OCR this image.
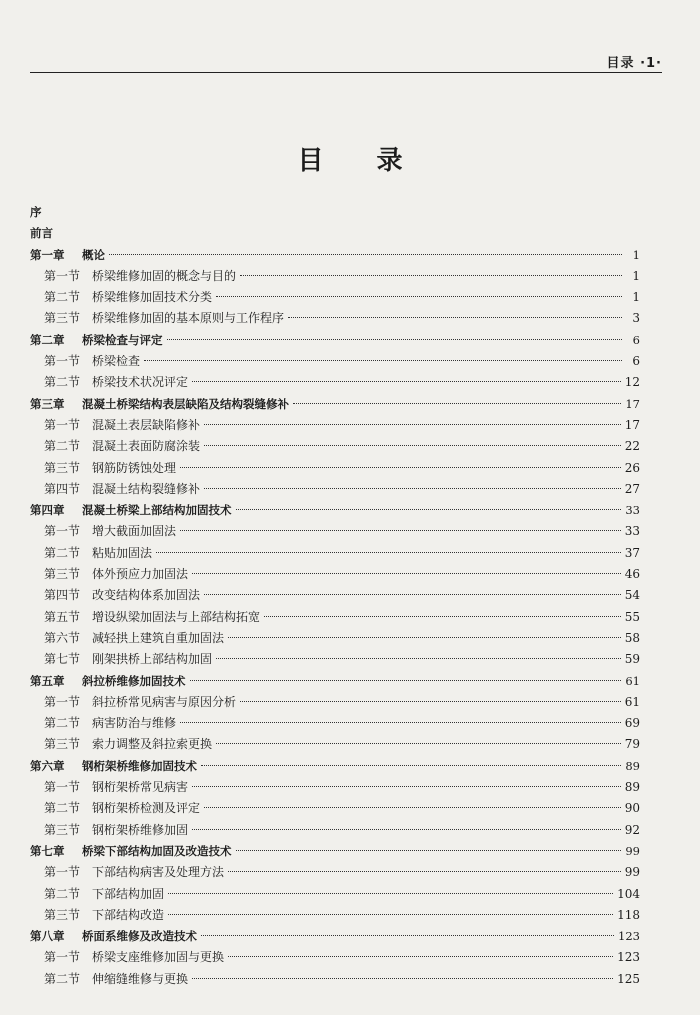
目录 ·1·
目 录
序
前言
第一章	概论	1
第一节 桥梁维修加固的概念与目的	1
第二节 桥梁维修加固技术分类	1
第三节 桥梁维修加固的基本原则与工作程序	3
第二章	桥梁检查与评定	6
第一节 桥梁检查	6
第二节 桥梁技术状况评定	12
第三章	混凝土桥梁结构表层缺陷及结构裂缝修补	17
第一节 混凝土表层缺陷修补	17
第二节 混凝土表面防腐涂装	22
第三节 钢筋防锈蚀处理	26
第四节 混凝土结构裂缝修补	27
第四章	混凝土桥梁上部结构加固技术	33
第一节 增大截面加固法	33
第二节 粘贴加固法	37
第三节 体外预应力加固法	46
第四节 改变结构体系加固法	54
第五节 增设纵梁加固法与上部结构拓宽	55
第六节 减轻拱上建筑自重加固法	58
第七节 刚架拱桥上部结构加固	59
第五章	斜拉桥维修加固技术	61
第一节 斜拉桥常见病害与原因分析	61
第二节 病害防治与维修	69
第三节 索力调整及斜拉索更换	79
第六章	钢桁架桥维修加固技术	89
第一节 钢桁架桥常见病害	89
第二节 钢桁架桥检测及评定	90
第三节 钢桁架桥维修加固	92
第七章	桥梁下部结构加固及改造技术	99
第一节 下部结构病害及处理方法	99
第二节 下部结构加固	104
第三节 下部结构改造	118
第八章	桥面系维修及改造技术	123
第一节 桥梁支座维修加固与更换	123
第二节 伸缩缝维修与更换	125
